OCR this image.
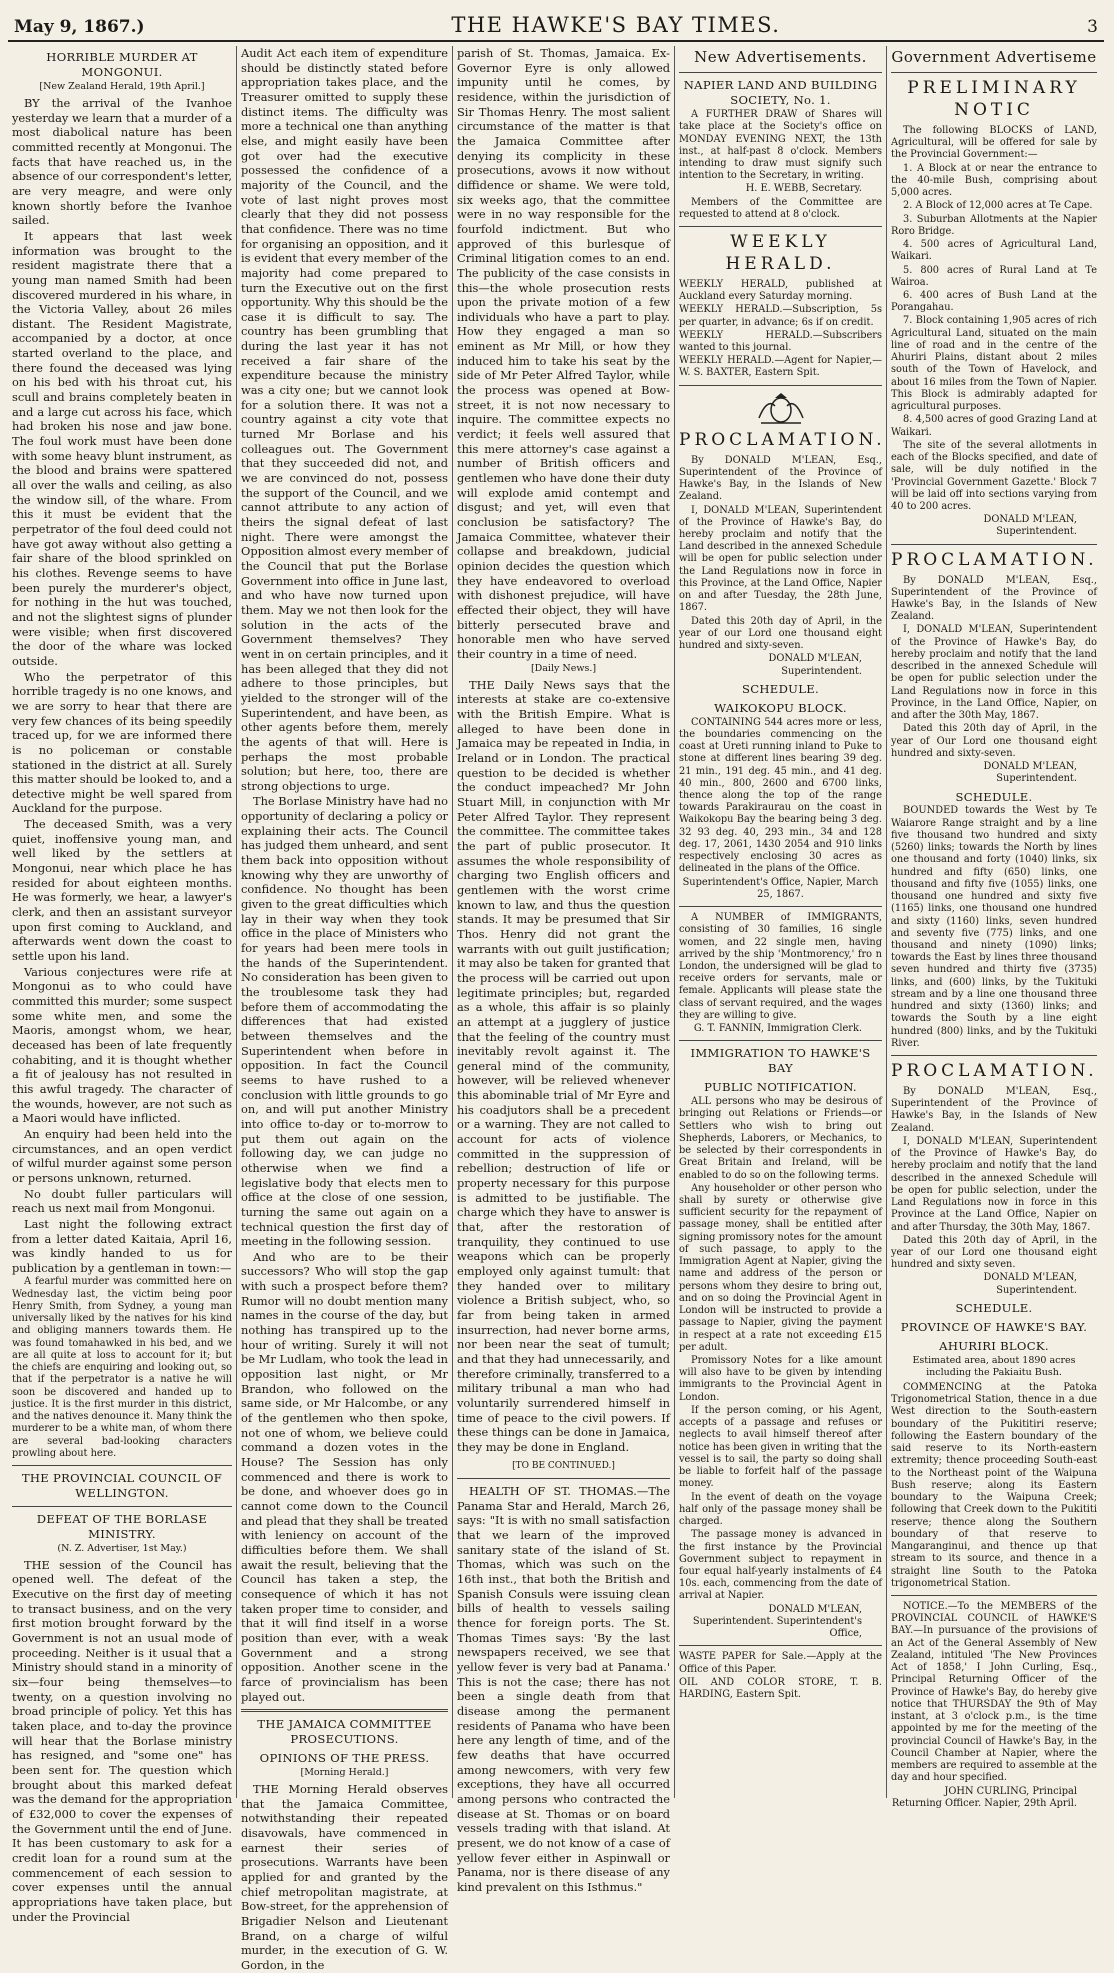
May 9, 1867.)	THE HAWKE'S BAY TIMES.	3
HORRIBLE MURDER AT MONGONUI.
[New Zealand Herald, 19th April.]

BY the arrival of the Ivanhoe yesterday we learn that a murder of a most diabolical nature has been committed recently at Mongonui. The facts that have reached us, in the absence of our correspondent's letter, are very meagre, and were only known shortly before the Ivanhoe sailed.

It appears that last week information was brought to the resident magistrate there that a young man named Smith had been discovered murdered in his whare, in the Victoria Valley, about 26 miles distant. The Resident Magistrate, accompanied by a doctor, at once started overland to the place, and there found the deceased was lying on his bed with his throat cut, his scull and brains completely beaten in and a large cut across his face, which had broken his nose and jaw bone. The foul work must have been done with some heavy blunt instrument, as the blood and brains were spattered all over the walls and ceiling, as also the window sill, of the whare. From this it must be evident that the perpetrator of the foul deed could not have got away without also getting a fair share of the blood sprinkled on his clothes. Revenge seems to have been purely the murderer's object, for nothing in the hut was touched, and not the slightest signs of plunder were visible; when first discovered the door of the whare was locked outside.

Who the perpetrator of this horrible tragedy is no one knows, and we are sorry to hear that there are very few chances of its being speedily traced up, for we are informed there is no policeman or constable stationed in the district at all. Surely this matter should be looked to, and a detective might be well spared from Auckland for the purpose.

The deceased Smith, was a very quiet, inoffensive young man, and well liked by the settlers at Mongonui, near which place he has resided for about eighteen months. He was formerly, we hear, a lawyer's clerk, and then an assistant surveyor upon first coming to Auckland, and afterwards went down the coast to settle upon his land.

Various conjectures were rife at Mongonui as to who could have committed this murder; some suspect some white men, and some the Maoris, amongst whom, we hear, deceased has been of late frequently cohabiting, and it is thought whether a fit of jealousy has not resulted in this awful tragedy. The character of the wounds, however, are not such as a Maori would have inflicted.

An enquiry had been held into the circumstances, and an open verdict of wilful murder against some person or persons unknown, returned.

No doubt fuller particulars will reach us next mail from Mongonui.

Last night the following extract from a letter dated Kaitaia, April 16, was kindly handed to us for publication by a gentleman in town:—

A fearful murder was committed here on Wednesday last, the victim being poor Henry Smith, from Sydney, a young man universally liked by the natives for his kind and obliging manners towards them. He was found tomahawked in his bed, and we are all quite at loss to account for it; but the chiefs are enquiring and looking out, so that if the perpetrator is a native he will soon be discovered and handed up to justice. It is the first murder in this district, and the natives denounce it. Many think the murderer to be a white man, of whom there are several bad-looking characters prowling about here.

THE PROVINCIAL COUNCIL OF WELLINGTON.
DEFEAT OF THE BORLASE MINISTRY.
(N. Z. Advertiser, 1st May.)

THE session of the Council has opened well. The defeat of the Executive on the first day of meeting to transact business, and on the very first motion brought forward by the Government is not an usual mode of proceeding. Neither is it usual that a Ministry should stand in a minority of six—four being themselves—to twenty, on a question involving no broad principle of policy. Yet this has taken place, and to-day the province will hear that the Borlase ministry has resigned, and "some one" has been sent for. The question which brought about this marked defeat was the demand for the appropriation of £32,000 to cover the expenses of the Government until the end of June. It has been customary to ask for a credit loan for a round sum at the commencement of each session to cover expenses until the annual appropriations have taken place, but under the Provincial

Audit Act each item of expenditure should be distinctly stated before appropriation takes place, and the Treasurer omitted to supply these distinct items. The difficulty was more a technical one than anything else, and might easily have been got over had the executive possessed the confidence of a majority of the Council, and the vote of last night proves most clearly that they did not possess that confidence. There was no time for organising an opposition, and it is evident that every member of the majority had come prepared to turn the Executive out on the first opportunity. Why this should be the case it is difficult to say. The country has been grumbling that during the last year it has not received a fair share of the expenditure because the ministry was a city one; but we cannot look for a solution there. It was not a country against a city vote that turned Mr Borlase and his colleagues out. The Government that they succeeded did not, and we are convinced do not, possess the support of the Council, and we cannot attribute to any action of theirs the signal defeat of last night. There were amongst the Opposition almost every member of the Council that put the Borlase Government into office in June last, and who have now turned upon them. May we not then look for the solution in the acts of the Government themselves? They went in on certain principles, and it has been alleged that they did not adhere to those principles, but yielded to the stronger will of the Superintendent, and have been, as other agents before them, merely the agents of that will. Here is perhaps the most probable solution; but here, too, there are strong objections to urge.

The Borlase Ministry have had no opportunity of declaring a policy or explaining their acts. The Council has judged them unheard, and sent them back into opposition without knowing why they are unworthy of confidence. No thought has been given to the great difficulties which lay in their way when they took office in the place of Ministers who for years had been mere tools in the hands of the Superintendent. No consideration has been given to the troublesome task they had before them of accommodating the differences that had existed between themselves and the Superintendent when before in opposition. In fact the Council seems to have rushed to a conclusion with little grounds to go on, and will put another Ministry into office to-day or to-morrow to put them out again on the following day, we can judge no otherwise when we find a legislative body that elects men to office at the close of one session, turning the same out again on a technical question the first day of meeting in the following session.

And who are to be their successors? Who will stop the gap with such a prospect before them? Rumor will no doubt mention many names in the course of the day, but nothing has transpired up to the hour of writing. Surely it will not be Mr Ludlam, who took the lead in opposition last night, or Mr Brandon, who followed on the same side, or Mr Halcombe, or any of the gentlemen who then spoke, not one of whom, we believe could command a dozen votes in the House? The Session has only commenced and there is work to be done, and whoever does go in cannot come down to the Council and plead that they shall be treated with leniency on account of the difficulties before them. We shall await the result, believing that the Council has taken a step, the consequence of which it has not taken proper time to consider, and that it will find itself in a worse position than ever, with a weak Government and a strong opposition. Another scene in the farce of provincialism has been played out.

THE JAMAICA COMMITTEE PROSECUTIONS.
OPINIONS OF THE PRESS.
[Morning Herald.]

THE Morning Herald observes that the Jamaica Committee, notwithstanding their repeated disavowals, have commenced in earnest their series of prosecutions. Warrants have been applied for and granted by the chief metropolitan magistrate, at Bow-street, for the apprehension of Brigadier Nelson and Lieutenant Brand, on a charge of wilful murder, in the execution of G. W. Gordon, in the

parish of St. Thomas, Jamaica. Ex-Governor Eyre is only allowed impunity until he comes, by residence, within the jurisdiction of Sir Thomas Henry. The most salient circumstance of the matter is that the Jamaica Committee after denying its complicity in these prosecutions, avows it now without diffidence or shame. We were told, six weeks ago, that the committee were in no way responsible for the fourfold indictment. But who approved of this burlesque of Criminal litigation comes to an end. The publicity of the case consists in this—the whole prosecution rests upon the private motion of a few individuals who have a part to play. How they engaged a man so eminent as Mr Mill, or how they induced him to take his seat by the side of Mr Peter Alfred Taylor, while the process was opened at Bow-street, it is not now necessary to inquire. The committee expects no verdict; it feels well assured that this mere attorney's case against a number of British officers and gentlemen who have done their duty will explode amid contempt and disgust; and yet, will even that conclusion be satisfactory? The Jamaica Committee, whatever their collapse and breakdown, judicial opinion decides the question which they have endeavored to overload with dishonest prejudice, will have effected their object, they will have bitterly persecuted brave and honorable men who have served their country in a time of need.

[Daily News.]

THE Daily News says that the interests at stake are co-extensive with the British Empire. What is alleged to have been done in Jamaica may be repeated in India, in Ireland or in London. The practical question to be decided is whether the conduct impeached? Mr John Stuart Mill, in conjunction with Mr Peter Alfred Taylor. They represent the committee. The committee takes the part of public prosecutor. It assumes the whole responsibility of charging two English officers and gentlemen with the worst crime known to law, and thus the question stands. It may be presumed that Sir Thos. Henry did not grant the warrants with out guilt justification; it may also be taken for granted that the process will be carried out upon legitimate principles; but, regarded as a whole, this affair is so plainly an attempt at a jugglery of justice that the feeling of the country must inevitably revolt against it. The general mind of the community, however, will be relieved whenever this abominable trial of Mr Eyre and his coadjutors shall be a precedent or a warning. They are not called to account for acts of violence committed in the suppression of rebellion; destruction of life or property necessary for this purpose is admitted to be justifiable. The charge which they have to answer is that, after the restoration of tranquility, they continued to use weapons which can be properly employed only against tumult: that they handed over to military violence a British subject, who, so far from being taken in armed insurrection, had never borne arms, nor been near the seat of tumult; and that they had unnecessarily, and therefore criminally, transferred to a military tribunal a man who had voluntarily surrendered himself in time of peace to the civil powers. If these things can be done in Jamaica, they may be done in England.

[TO BE CONTINUED.]

HEALTH OF ST. THOMAS.—The Panama Star and Herald, March 26, says: "It is with no small satisfaction that we learn of the improved sanitary state of the island of St. Thomas, which was such on the 16th inst., that both the British and Spanish Consuls were issuing clean bills of health to vessels sailing thence for foreign ports. The St. Thomas Times says: 'By the last newspapers received, we see that yellow fever is very bad at Panama.' This is not the case; there has not been a single death from that disease among the permanent residents of Panama who have been here any length of time, and of the few deaths that have occurred among newcomers, with very few exceptions, they have all occurred among persons who contracted the disease at St. Thomas or on board vessels trading with that island. At present, we do not know of a case of yellow fever either in Aspinwall or Panama, nor is there disease of any kind prevalent on this Isthmus."

New Advertisements.
NAPIER LAND AND BUILDING SOCIETY, No. 1.

A FURTHER DRAW of Shares will take place at the Society's office on MONDAY EVENING NEXT, the 13th inst., at half-past 8 o'clock. Members intending to draw must signify such intention to the Secretary, in writing.

H. E. WEBB, Secretary.

Members of the Committee are requested to attend at 8 o'clock.

WEEKLY HERALD.

WEEKLY HERALD, published at Auckland every Saturday morning.

WEEKLY HERALD.—Subscription, 5s per quarter, in advance; 6s if on credit.

WEEKLY HERALD.—Subscribers wanted to this journal.

WEEKLY HERALD.—Agent for Napier,—W. S. BAXTER, Eastern Spit.

PROCLAMATION.

By DONALD M'LEAN, Esq., Superintendent of the Province of Hawke's Bay, in the Islands of New Zealand.

I, DONALD M'LEAN, Superintendent of the Province of Hawke's Bay, do hereby proclaim and notify that the Land described in the annexed Schedule will be open for public selection under the Land Regulations now in force in this Province, at the Land Office, Napier on and after Tuesday, the 28th June, 1867.

Dated this 20th day of April, in the year of our Lord one thousand eight hundred and sixty-seven.

DONALD M'LEAN, Superintendent.

SCHEDULE.
WAIKOKOPU BLOCK.

CONTAINING 544 acres more or less, the boundaries commencing on the coast at Ureti running inland to Puke to stone at different lines bearing 39 deg. 21 min., 191 deg. 45 min., and 41 deg. 40 min., 800, 2600 and 6700 links, thence along the top of the range towards Parakiraurau on the coast in Waikokopu Bay the bearing being 3 deg. 32 93 deg. 40, 293 min., 34 and 128 deg. 17, 2061, 1430 2054 and 910 links respectively enclosing 30 acres as delineated in the plans of the Office.

Superintendent's Office, Napier, March 25, 1867.

A NUMBER of IMMIGRANTS, consisting of 30 families, 16 single women, and 22 single men, having arrived by the ship 'Montmorency,' fro n London, the undersigned will be glad to receive orders for servants, male or female. Applicants will please state the class of servant required, and the wages they are willing to give.

G. T. FANNIN, Immigration Clerk.

IMMIGRATION TO HAWKE'S BAY
PUBLIC NOTIFICATION.

ALL persons who may be desirous of bringing out Relations or Friends—or Settlers who wish to bring out Shepherds, Laborers, or Mechanics, to be selected by their correspondents in Great Britain and Ireland, will be enabled to do so on the following terms.

Any householder or other person who shall by surety or otherwise give sufficient security for the repayment of passage money, shall be entitled after signing promissory notes for the amount of such passage, to apply to the Immigration Agent at Napier, giving the name and address of the person or persons whom they desire to bring out, and on so doing the Provincial Agent in London will be instructed to provide a passage to Napier, giving the payment in respect at a rate not exceeding £15 per adult.

Promissory Notes for a like amount will also have to be given by intending immigrants to the Provincial Agent in London.

If the person coming, or his Agent, accepts of a passage and refuses or neglects to avail himself thereof after notice has been given in writing that the vessel is to sail, the party so doing shall be liable to forfeit half of the passage money.

In the event of death on the voyage half only of the passage money shall be charged.

The passage money is advanced in the first instance by the Provincial Government subject to repayment in four equal half-yearly instalments of £4 10s. each, commencing from the date of arrival at Napier.

DONALD M'LEAN, Superintendent. Superintendent's Office,

WASTE PAPER for Sale.—Apply at the Office of this Paper.

OIL AND COLOR STORE, T. B. HARDING, Eastern Spit.

Government Advertiseme
PRELIMINARY NOTIC

The following BLOCKS of LAND, Agricultural, will be offered for sale by the Provincial Government:—

1. A Block at or near the entrance to the 40-mile Bush, comprising about 5,000 acres.

2. A Block of 12,000 acres at Te Cape.

3. Suburban Allotments at the Napier Roro Bridge.

4. 500 acres of Agricultural Land, Waikari.

5. 800 acres of Rural Land at Te Wairoa.

6. 400 acres of Bush Land at the Porangahau.

7. Block containing 1,905 acres of rich Agricultural Land, situated on the main line of road and in the centre of the Ahuriri Plains, distant about 2 miles south of the Town of Havelock, and about 16 miles from the Town of Napier. This Block is admirably adapted for agricultural purposes.

8. 4,500 acres of good Grazing Land at Waikari.

The site of the several allotments in each of the Blocks specified, and date of sale, will be duly notified in the 'Provincial Government Gazette.' Block 7 will be laid off into sections varying from 40 to 200 acres.

DONALD M'LEAN, Superintendent.

PROCLAMATION.

By DONALD M'LEAN, Esq., Superintendent of the Province of Hawke's Bay, in the Islands of New Zealand.

I, DONALD M'LEAN, Superintendent of the Province of Hawke's Bay, do hereby proclaim and notify that the land described in the annexed Schedule will be open for public selection under the Land Regulations now in force in this Province, in the Land Office, Napier, on and after the 30th May, 1867.

Dated this 20th day of April, in the year of Our Lord one thousand eight hundred and sixty-seven.

DONALD M'LEAN, Superintendent.

SCHEDULE.

BOUNDED towards the West by Te Waiarore Range straight and by a line five thousand two hundred and sixty (5260) links; towards the North by lines one thousand and forty (1040) links, six hundred and fifty (650) links, one thousand and fifty five (1055) links, one thousand one hundred and sixty five (1165) links, one thousand one hundred and sixty (1160) links, seven hundred and seventy five (775) links, and one thousand and ninety (1090) links; towards the East by lines three thousand seven hundred and thirty five (3735) links, and (600) links, by the Tukituki stream and by a line one thousand three hundred and sixty (1360) links; and towards the South by a line eight hundred (800) links, and by the Tukituki River.

PROCLAMATION.

By DONALD M'LEAN, Esq., Superintendent of the Province of Hawke's Bay, in the Islands of New Zealand.

I, DONALD M'LEAN, Superintendent of the Province of Hawke's Bay, do hereby proclaim and notify that the land described in the annexed Schedule will be open for public selection, under the Land Regulations now in force in this Province at the Land Office, Napier on and after Thursday, the 30th May, 1867.

Dated this 20th day of April, in the year of our Lord one thousand eight hundred and sixty seven.

DONALD M'LEAN, Superintendent.

SCHEDULE.
PROVINCE OF HAWKE'S BAY.
AHURIRI BLOCK.
Estimated area, about 1890 acres including the Pakiaitu Bush.

COMMENCING at the Patoka Trigonometrical Station, thence in a due West direction to the South-eastern boundary of the Pukititiri reserve; following the Eastern boundary of the said reserve to its North-eastern extremity; thence proceeding South-east to the Northeast point of the Waipuna Bush reserve; along its Eastern boundary to the Waipuna Creek; following that Creek down to the Pukititi reserve; thence along the Southern boundary of that reserve to Mangaranginui, and thence up that stream to its source, and thence in a straight line South to the Patoka trigonometrical Station.

NOTICE.—To the MEMBERS of the PROVINCIAL COUNCIL of HAWKE'S BAY.—In pursuance of the provisions of an Act of the General Assembly of New Zealand, intituled 'The New Provinces Act of 1858,' I John Curling, Esq., Principal Returning Officer of the Province of Hawke's Bay, do hereby give notice that THURSDAY the 9th of May instant, at 3 o'clock p.m., is the time appointed by me for the meeting of the provincial Council of Hawke's Bay, in the Council Chamber at Napier, where the members are required to assemble at the day and hour specified.

JOHN CURLING, Principal Returning Officer. Napier, 29th April.
